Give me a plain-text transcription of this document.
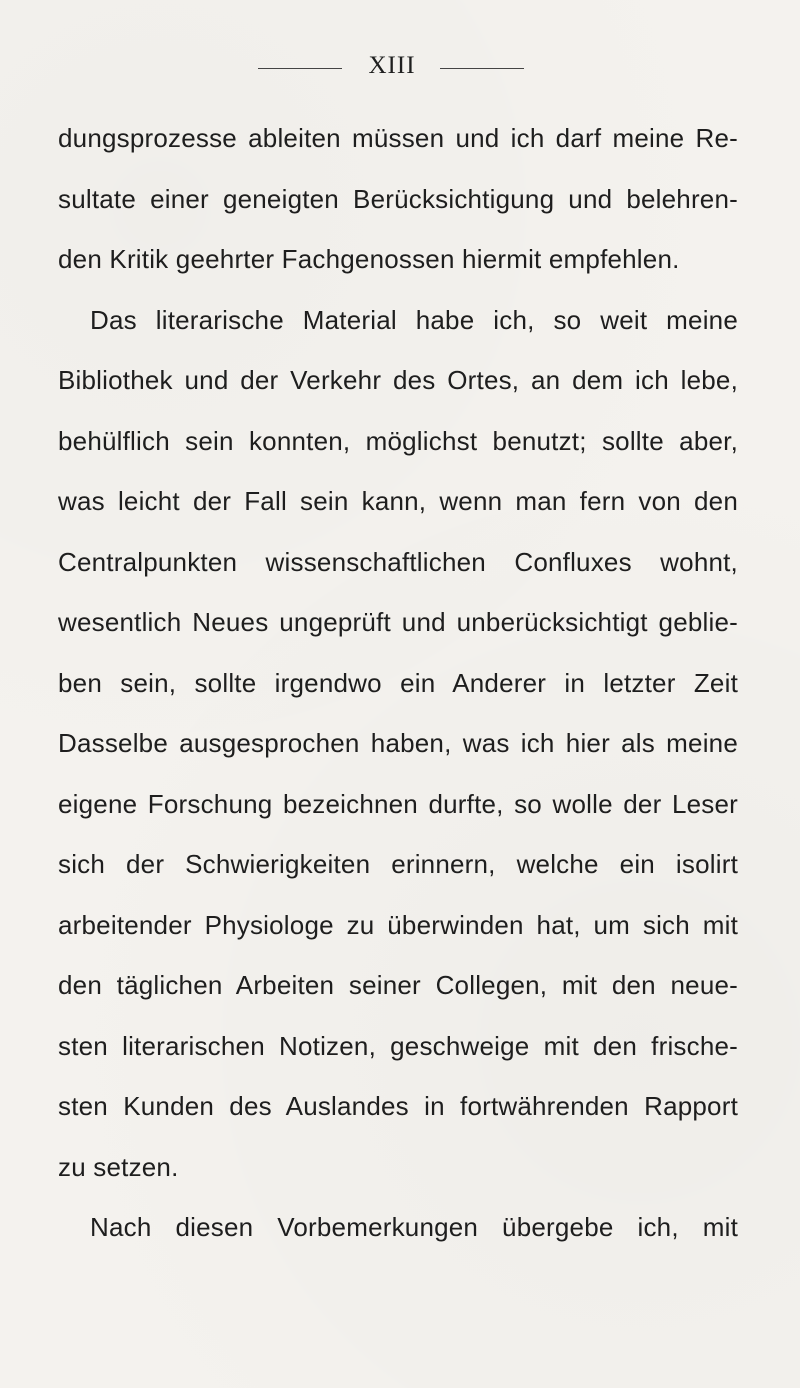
XIII
dungsprozesse ableiten müssen und ich darf meine Re-
sultate einer geneigten Berücksichtigung und belehren-
den Kritik geehrter Fachgenossen hiermit empfehlen.
Das literarische Material habe ich, so weit meine
Bibliothek und der Verkehr des Ortes, an dem ich lebe,
behülflich sein konnten, möglichst benutzt; sollte aber,
was leicht der Fall sein kann, wenn man fern von den
Centralpunkten wissenschaftlichen Confluxes wohnt,
wesentlich Neues ungeprüft und unberücksichtigt geblie-
ben sein, sollte irgendwo ein Anderer in letzter Zeit
Dasselbe ausgesprochen haben, was ich hier als meine
eigene Forschung bezeichnen durfte, so wolle der Leser
sich der Schwierigkeiten erinnern, welche ein isolirt
arbeitender Physiologe zu überwinden hat, um sich mit
den täglichen Arbeiten seiner Collegen, mit den neue-
sten literarischen Notizen, geschweige mit den frische-
sten Kunden des Auslandes in fortwährenden Rapport
zu setzen.
Nach diesen Vorbemerkungen übergebe ich, mit
